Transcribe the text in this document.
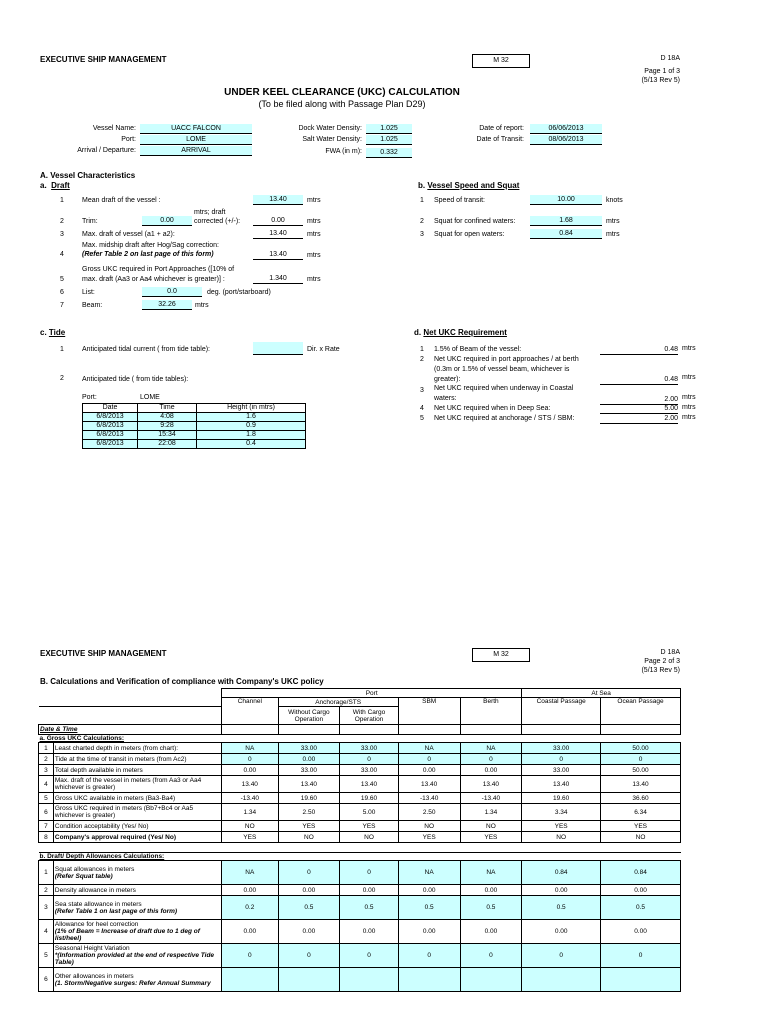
EXECUTIVE SHIP MANAGEMENT	M 32	D 18A
Page 1 of 3
(5/13 Rev 5)
UNDER KEEL CLEARANCE (UKC) CALCULATION
(To be filed along with Passage Plan D29)
Vessel Name:	UACC FALCON
Port:	LOME
Arrival / Departure:	ARRIVAL
Dock Water Density:	1.025
Salt Water Density:	1.025
FWA (in m):	0.332
Date of report:	06/06/2013
Date of Transit:	08/06/2013
A. Vessel Characteristics
a.  Draft
1	Mean draft of the vessel :	13.40	mtrs
2	Trim:	0.00
mtrs; draft corrected (+/-):	0.00	mtrs
3	Max. draft of vessel (a1 + a2):	13.40	mtrs
4
Max. midship draft after Hog/Sag correction:
(Refer Table 2 on last page of this form)	13.40	mtrs
5
Gross UKC required in Port Approaches ([10% of
max. draft (Aa3 or Aa4 whichever is greater)] :	1.340	mtrs
6	List:	0.0	deg. (port/starboard)
7	Beam:	32.26	mtrs
b. Vessel Speed and Squat
1 Speed of transit:	10.00	knots
2 Squat for confined waters:	1.68	mtrs
3 Squat for open waters:	0.84	mtrs
c. Tide
1	Anticipated tidal current ( from tide table):	Dir. x Rate
2	Anticipated tide ( from tide tables):
Port:	LOME
Date	Time	Height (in mtrs)
6/8/2013	4:08	1.6
6/8/2013	9:28	0.9
6/8/2013	15:34	1.8
6/8/2013	22:08	0.4
d. Net UKC Requirement
1 1.5% of Beam of the vessel:	0.48 mtrs
2 Net UKC required in port approaches / at berth
(0.3m or 1.5% of vessel beam, whichever is
greater):	0.48 mtrs
3 Net UKC required when underway in Coastal
waters:	2.00 mtrs
4 Net UKC required when in Deep Sea:	5.00 mtrs
5 Net UKC required at anchorage / STS / SBM:	2.00 mtrs
EXECUTIVE SHIP MANAGEMENT	M 32	D 18A
Page 2 of 3
(5/13 Rev 5)
B. Calculations and Verification of compliance with Company's UKC policy
		Port					At Sea	
		Channel	Anchorage/STS		SBM	Berth	Coastal Passage	Ocean Passage
			Without Cargo Operation	With Cargo Operation				
Date & Time								
a. Gross UKC Calculations:								
1	Least charted depth in meters (from chart):	NA	33.00	33.00	NA	NA	33.00	50.00
2	Tide at the time of transit in meters (from Ac2)	0	0.00	0	0	0	0	0
3	Total depth available in meters	0.00	33.00	33.00	0.00	0.00	33.00	50.00
4	Max. draft of the vessel in meters (from Aa3 or Aa4 whichever is greater)	13.40	13.40	13.40	13.40	13.40	13.40	13.40
5	Gross UKC available in meters (Ba3-Ba4)	-13.40	19.60	19.60	-13.40	-13.40	19.60	36.60
6	Gross UKC required in meters (Bb7+Bc4 or Aa5 whichever is greater)	1.34	2.50	5.00	2.50	1.34	3.34	6.34
7	Condition acceptability (Yes/ No)	NO	YES	YES	NO	NO	YES	YES
8	Company's approval required (Yes/ No)	YES	NO	NO	YES	YES	NO	NO

b. Draft/ Depth Allowances Calculations:								
1	Squat allowances in meters
(Refer Squat table)	NA	0	0	NA	NA	0.84	0.84
2	Density allowance in meters	0.00	0.00	0.00	0.00	0.00	0.00	0.00
3	Sea state allowance in meters
(Refer Table 1 on last page of this form)	0.2	0.5	0.5	0.5	0.5	0.5	0.5
4	Allowance for heel correction
(1% of Beam = Increase of draft due to 1 deg of list/heel)	0.00	0.00	0.00	0.00	0.00	0.00	0.00
5	Seasonal Height Variation
*(Information provided at the end of respective Tide Table)	0	0	0	0	0	0	0
6	Other allowances in meters
(1. Storm/Negative surges: Refer Annual Summary							
